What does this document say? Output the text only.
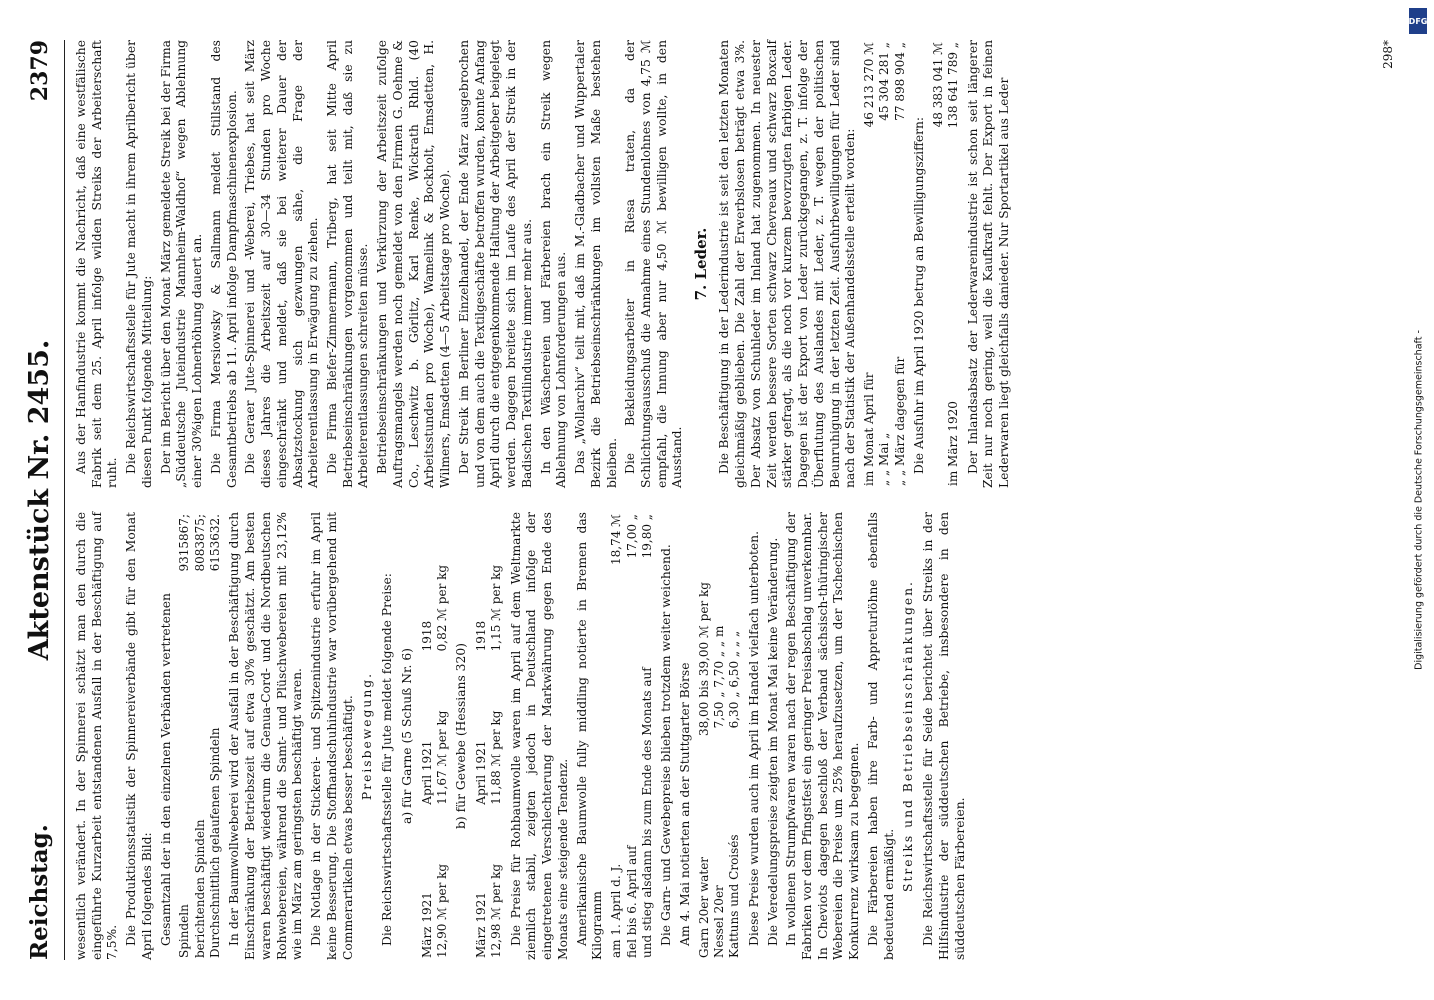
Reichstag.
Aktenstück Nr. 2455.
2379

wesentlich verändert. In der Spinnerei schätzt man den durch die eingeführte Kurzarbeit entstandenen Ausfall in der Beschäftigung auf 7,5%. Die Produktionsstatistik der Spinnereiverbände gibt für den Monat April folgendes Bild: Gesamtzahl der in den einzelnen Verbänden vertretenen Spindeln	9315867;
berichtenden Spindeln	8083875;
Durchschnittlich gelaufenen Spindeln	6153632. In der Baumwollweberei wird der Ausfall in der Beschäftigung durch Einschränkung der Betriebszeit auf etwa 30% geschätzt. Am besten waren beschäftigt wiederum die Genua-Cord- und die Nordbeutschen Rohwebereien, während die Samt- und Plüschwebereien mit 23,12% wie im März am geringsten beschäftigt waren. Die Notlage in der Stickerei- und Spitzenindustrie erfuhr im April keine Besserung. Die Stoffhandschuhindustrie war vorübergehend mit Commerartikeln etwas besser beschäftigt. Preisbewegung. Die Reichswirtschaftsstelle für Jute meldet folgende Preise: a) für Garne (5 Schuß Nr. 6)

März 1921	April 1921	1918
12,90 ℳ per kg	11,67 ℳ per kg	0,82 ℳ per kg

b) für Gewebe (Hessians 320)

März 1921	April 1921	1918
12,98 ℳ per kg	11,88 ℳ per kg	1,15 ℳ per kg Die Preise für Rohbaumwolle waren im April auf dem Weltmarkte ziemlich stabil, zeigten jedoch in Deutschland infolge der eingetretenen Verschlechterung der Markwährung gegen Ende des Monats eine steigende Tendenz. Amerikanische Baumwolle fully middling notierte in Bremen das Kilogramm am 1. April d. J.	18,74 ℳ
fiel bis 6. April auf	17,00 „
und stieg alsdann bis zum Ende des Monats auf	19,80 „

Die Garn- und Gewebepreise blieben trotzdem weiter weichend. Am 4. Mai notierten an der Stuttgarter Börse Garn 20er water	38,00	bis 39,00 ℳ per kg
Nessel 20er	7,50	„ 7,70 „ „ m
Kattuns und Croisés	6,30	„ 6,50 „ „ „ Diese Preise wurden auch im April im Handel vielfach unterboten. Die Veredelungspreise zeigten im Monat Mai keine Veränderung. In wollenen Strumpfwaren waren nach der regen Beschäftigung der Fabriken vor dem Pfingstfest ein geringer Preisabschlag unverkennbar. In Cheviots dagegen beschloß der Verband sächsisch-thüringischer Webereien die Preise um 25% heraufzusetzen, um der Tschechischen Konkurrenz wirksam zu begegnen. Die Färbereien haben ihre Farb- und Appreturlöhne ebenfalls bedeutend ermäßigt.

Streiks und Betriebseinschränkungen. Die Reichswirtschaftsstelle für Seide berichtet über Streiks in der Hilfsindustrie der süddeutschen Betriebe, insbesondere in den süddeutschen Färbereien.

Aus der Hanfindustrie kommt die Nachricht, daß eine westfälische Fabrik seit dem 25. April infolge wilden Streiks der Arbeiterschaft ruht. Die Reichswirtschaftsstelle für Jute macht in ihrem Aprilbericht über diesen Punkt folgende Mitteilung: Der im Bericht über den Monat März gemeldete Streik bei der Firma „Süddeutsche Juteindustrie Mannheim-Waldhof“ wegen Ablehnung einer 30%igen Lohnerhöhung dauert an. Die Firma Mersiowsky & Sallmann meldet Stillstand des Gesamtbetriebs ab 11. April infolge Dampfmaschinenexplosion. Die Geraer Jute-Spinnerei und -Weberei, Triebes, hat seit März dieses Jahres die Arbeitszeit auf 30—34 Stunden pro Woche eingeschränkt und meldet, daß sie bei weiterer Dauer der Absatzstockung sich gezwungen sähe, die Frage der Arbeiterentlassung in Erwägung zu ziehen. Die Firma Biefer-Zimmermann, Triberg, hat seit Mitte April Betriebseinschränkungen vorgenommen und teilt mit, daß sie zu Arbeiterentlassungen schreiten müsse. Betriebseinschränkungen und Verkürzung der Arbeitszeit zufolge Auftragsmangels werden noch gemeldet von den Firmen G. Oehme & Co., Leschwitz b. Görlitz, Karl Renke, Wickrath Rhld. (40 Arbeitsstunden pro Woche), Wamelink & Bockholt, Emsdetten, H. Wilmers, Emsdetten (4—5 Arbeitstage pro Woche). Der Streik im Berliner Einzelhandel, der Ende März ausgebrochen und von dem auch die Textilgeschäfte betroffen wurden, konnte Anfang April durch die entgegenkommende Haltung der Arbeitgeber beigelegt werden. Dagegen breitete sich im Laufe des April der Streik in der Badischen Textilindustrie immer mehr aus. In den Wäschereien und Färbereien brach ein Streik wegen Ablehnung von Lohnforderungen aus. Das „Wollarchiv“ teilt mit, daß im M.-Gladbacher und Wuppertaler Bezirk die Betriebseinschränkungen im vollsten Maße bestehen bleiben. Die Bekleidungsarbeiter in Riesa traten, da der Schlichtungsausschuß die Annahme eines Stundenlohnes von 4,75 ℳ empfahl, die Innung aber nur 4,50 ℳ bewilligen wollte, in den Ausstand.

7. Leder. Die Beschäftigung in der Lederindustrie ist seit den letzten Monaten gleichmäßig geblieben. Die Zahl der Erwerbslosen beträgt etwa 3%. Der Absatz von Schuhleder im Inland hat zugenommen. In neuester Zeit werden bessere Sorten schwarz Chevreaux und schwarz Boxcalf stärker gefragt, als die noch vor kurzem bevorzugten farbigen Leder. Dagegen ist der Export von Leder zurückgegangen, z. T. infolge der Überflutung des Auslandes mit Leder, z. T. wegen der politischen Beunruhigung in der letzten Zeit. Ausfuhrbewilligungen für Leder sind nach der Statistik der Außenhandelsstelle erteilt worden: im Monat April für	46 213 270 ℳ
„ „ Mai „	45 304 281 „
„ „ März dagegen für	77 898 904 „

Die Ausfuhr im April 1920 betrug an Bewilligungsziffern:

	48 383 041 ℳ
im März 1920	138 641 789 „ Der Inlandsabsatz der Lederwarenindustrie ist schon seit längerer Zeit nur noch gering, weil die Kaufkraft fehlt. Der Export in feinen Lederwaren liegt gleichfalls danieder. Nur Sportartikel aus Leder

298*
DFG
Digitalisierung gefördert durch die Deutsche Forschungsgemeinschaft -
